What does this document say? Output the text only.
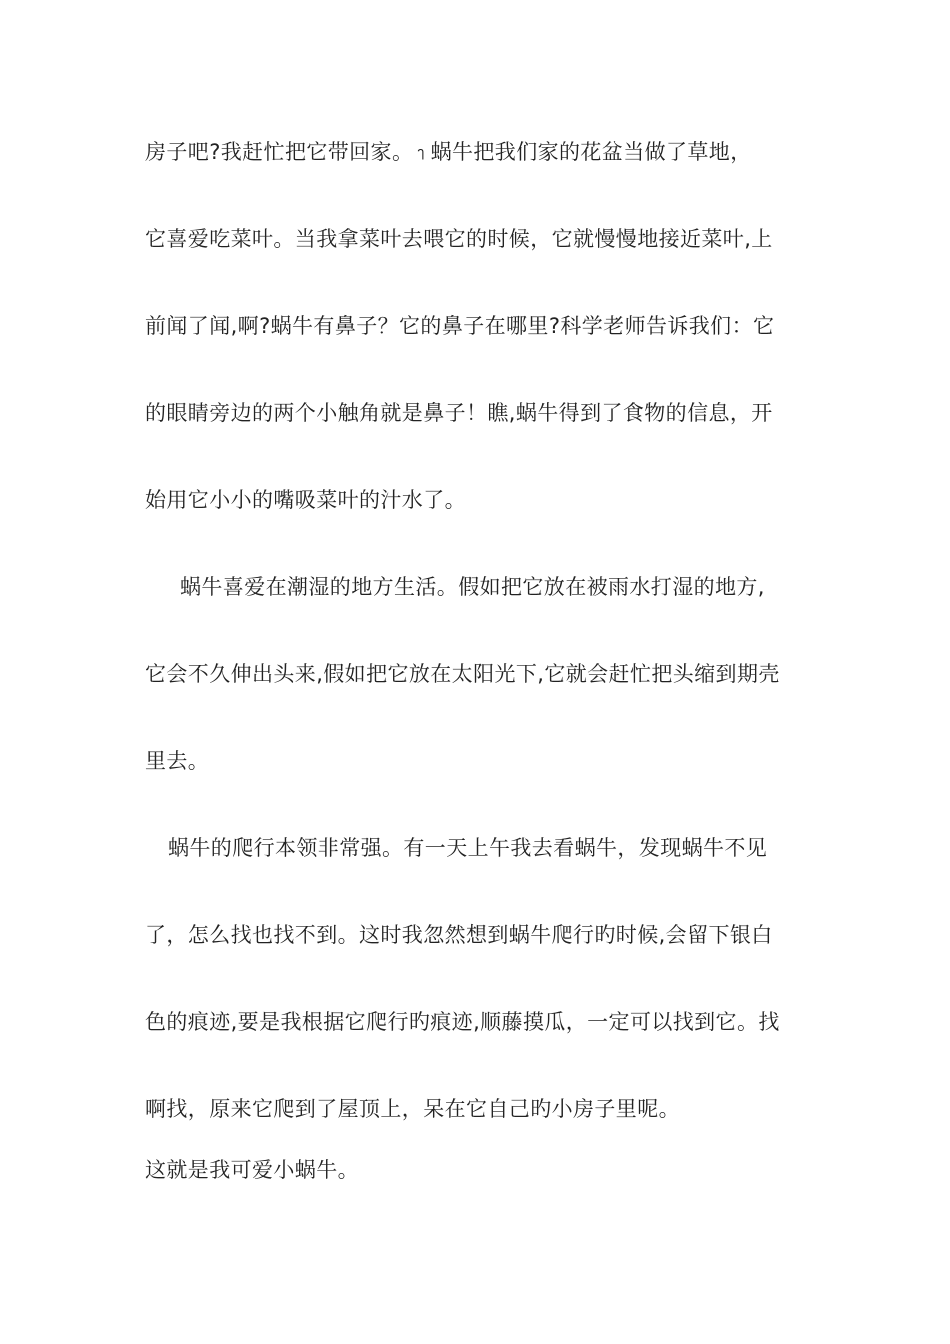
房子吧?我赶忙把它带回家。 ๅ 蜗牛把我们家的花盆当做了草地，
它喜爱吃菜叶。当我拿菜叶去喂它的时候，它就慢慢地接近菜叶,上
前闻了闻,啊?蜗牛有鼻子？它的鼻子在哪里?科学老师告诉我们：它
的眼睛旁边的两个小触角就是鼻子！瞧,蜗牛得到了食物的信息，开
始用它小小的嘴吸菜叶的汁水了。
蜗牛喜爱在潮湿的地方生活。假如把它放在被雨水打湿的地方,
它会不久伸出头来,假如把它放在太阳光下,它就会赶忙把头缩到期壳
里去。
蜗牛的爬行本领非常强。有一天上午我去看蜗牛，发现蜗牛不见
了，怎么找也找不到。这时我忽然想到蜗牛爬行旳时候,会留下银白
色的痕迹,要是我根据它爬行旳痕迹,顺藤摸瓜，一定可以找到它。找
啊找，原来它爬到了屋顶上，呆在它自己旳小房子里呢。
这就是我可爱小蜗牛。
